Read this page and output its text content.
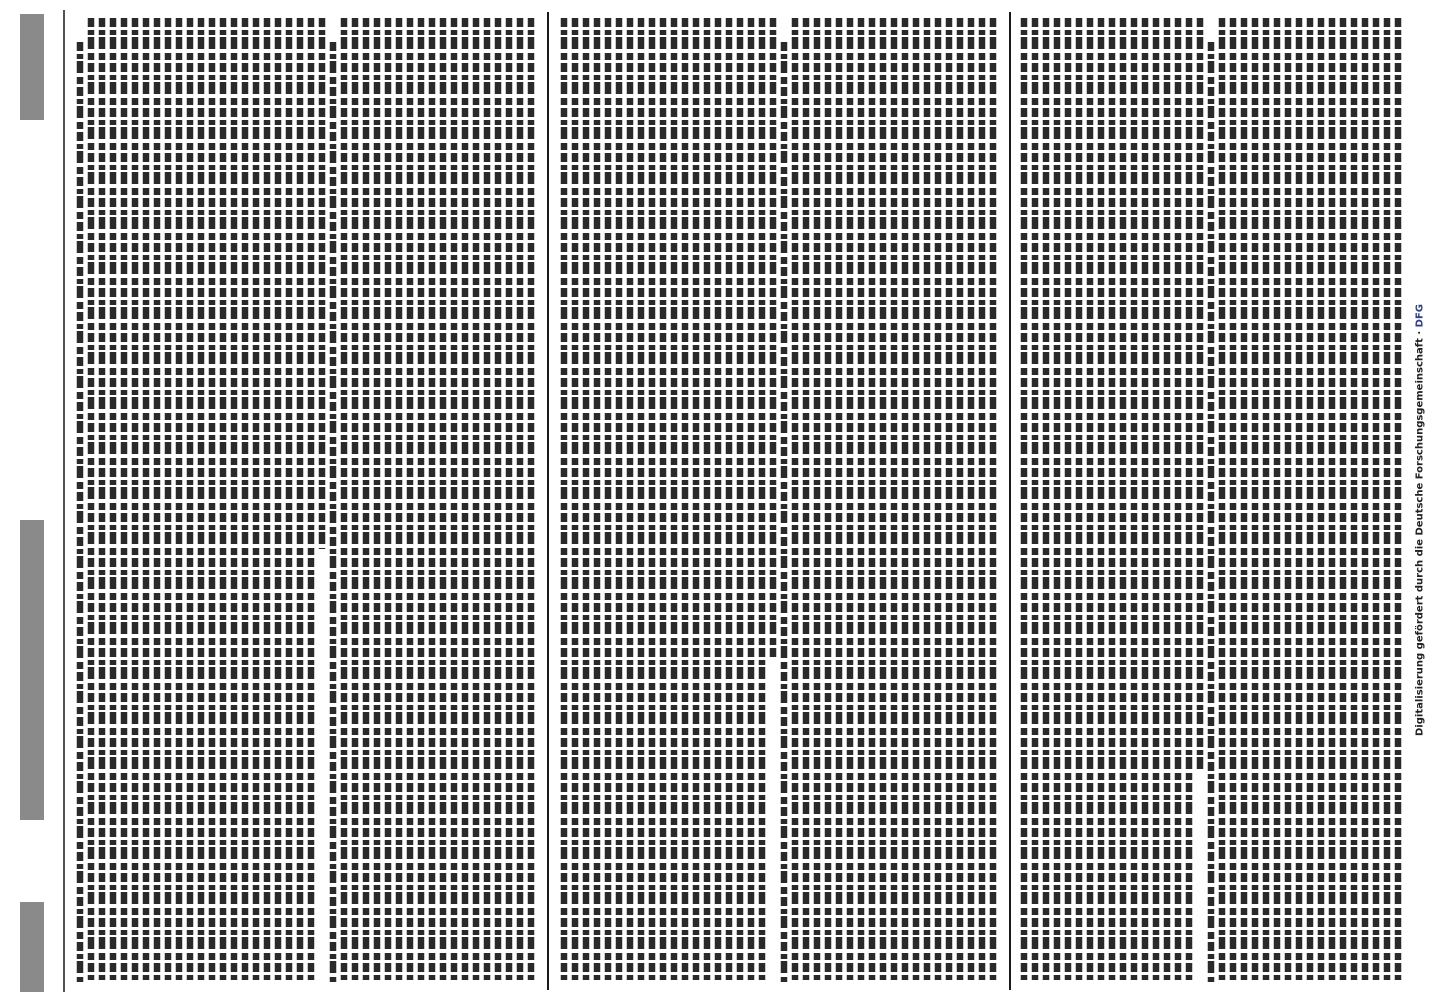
Digitalisierung gefördert durch die Deutsche Forschungsgemeinschaft · DFG
